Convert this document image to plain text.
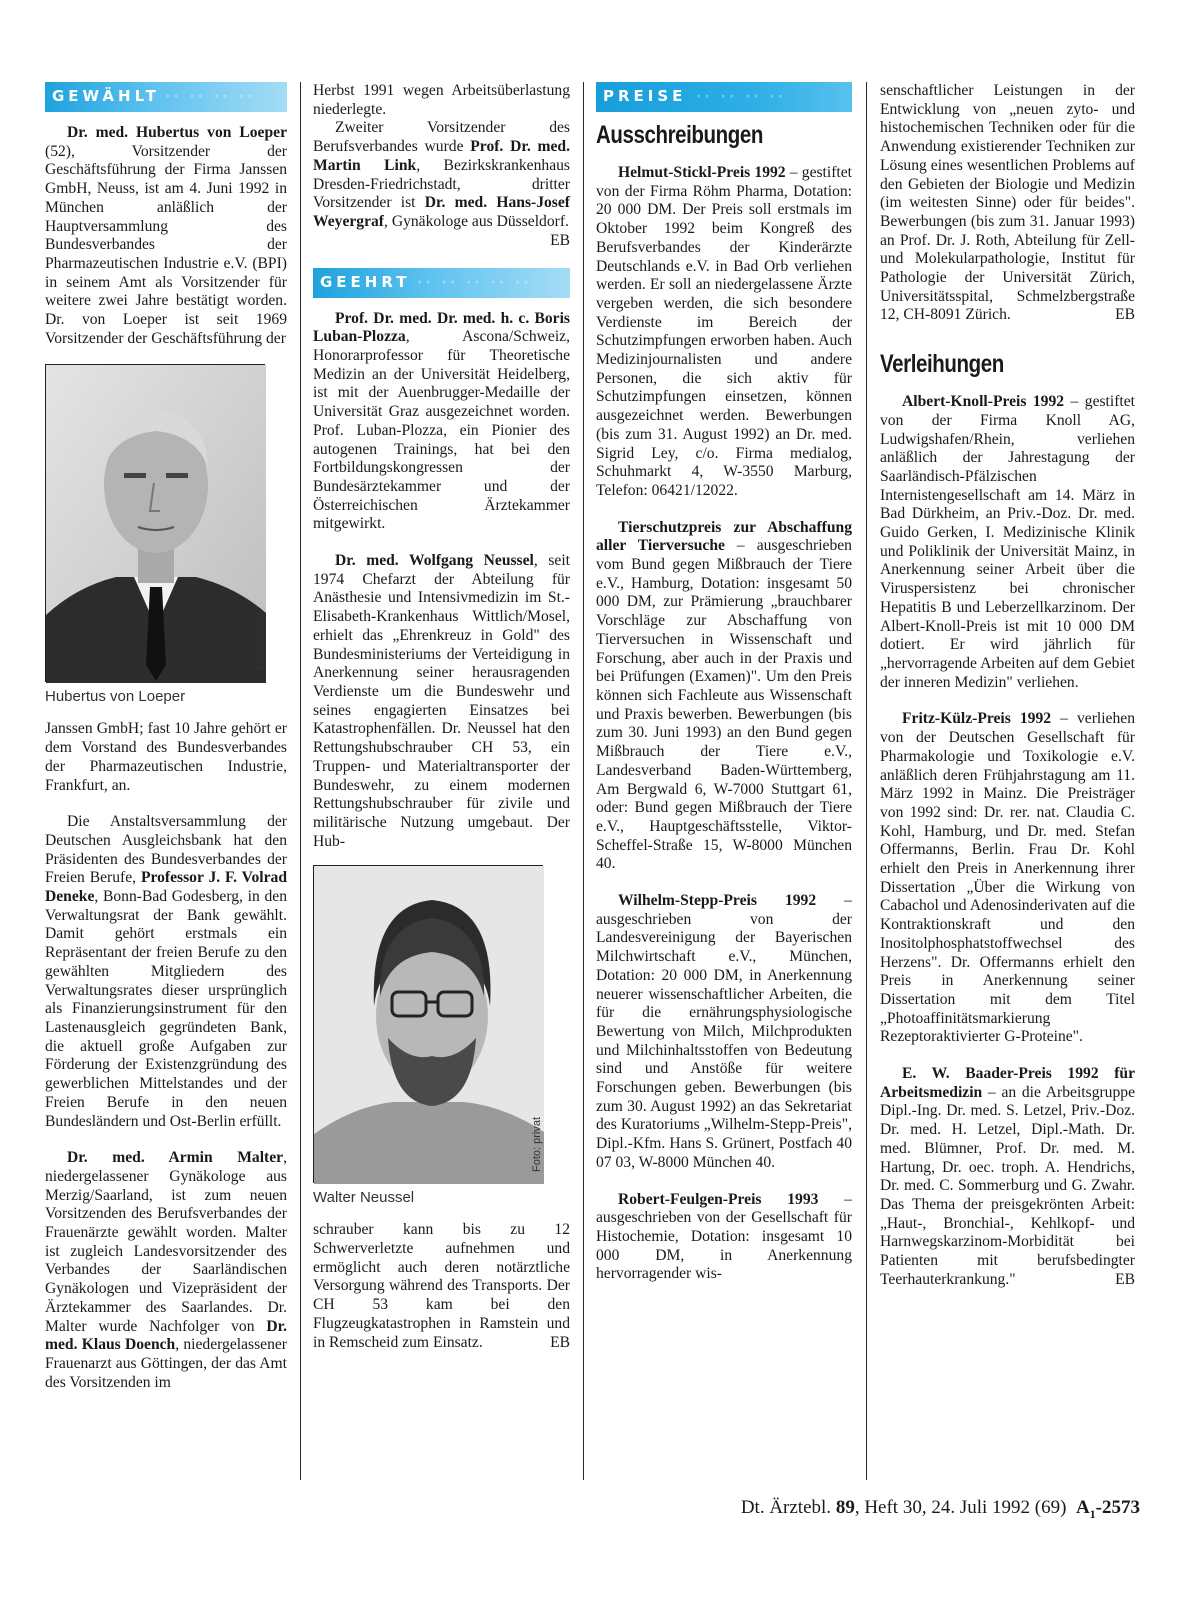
GEWÄHLT ·· ·· ·· ··

Dr. med. Hubertus von Loeper (52), Vorsitzender der Geschäftsführung der Firma Janssen GmbH, Neuss, ist am 4. Juni 1992 in München anläßlich der Hauptversammlung des Bundesverbandes der Pharmazeutischen Industrie e.V. (BPI) in seinem Amt als Vorsitzender für weitere zwei Jahre bestätigt worden. Dr. von Loeper ist seit 1969 Vorsitzender der Geschäftsführung der

Foto: Archiv
Hubertus von Loeper

Janssen GmbH; fast 10 Jahre gehört er dem Vorstand des Bundesverbandes der Pharmazeutischen Industrie, Frankfurt, an.

Die Anstaltsversammlung der Deutschen Ausgleichsbank hat den Präsidenten des Bundesverbandes der Freien Berufe, Professor J. F. Volrad Deneke, Bonn-Bad Godesberg, in den Verwaltungsrat der Bank gewählt. Damit gehört erstmals ein Repräsentant der freien Berufe zu den gewählten Mitgliedern des Verwaltungsrates dieser ursprünglich als Finanzierungsinstrument für den Lastenausgleich gegründeten Bank, die aktuell große Aufgaben zur Förderung der Existenzgründung des gewerblichen Mittelstandes und der Freien Berufe in den neuen Bundesländern und Ost-Berlin erfüllt.

Dr. med. Armin Malter, niedergelassener Gynäkologe aus Merzig/Saarland, ist zum neuen Vorsitzenden des Berufsverbandes der Frauenärzte gewählt worden. Malter ist zugleich Landesvorsitzender des Verbandes der Saarländischen Gynäkologen und Vizepräsident der Ärztekammer des Saarlandes. Dr. Malter wurde Nachfolger von Dr. med. Klaus Doench, niedergelassener Frauenarzt aus Göttingen, der das Amt des Vorsitzenden im

Herbst 1991 wegen Arbeitsüberlastung niederlegte.

Zweiter Vorsitzender des Berufsverbandes wurde Prof. Dr. med. Martin Link, Bezirkskrankenhaus Dresden-Friedrichstadt, dritter Vorsitzender ist Dr. med. Hans-Josef Weyergraf, Gynäkologe aus Düsseldorf.
EB

GEEHRT ·· ·· ·· ·· ··

Prof. Dr. med. Dr. med. h. c. Boris Luban-Plozza, Ascona/Schweiz, Honorarprofessor für Theoretische Medizin an der Universität Heidelberg, ist mit der Auenbrugger-Medaille der Universität Graz ausgezeichnet worden. Prof. Luban-Plozza, ein Pionier des autogenen Trainings, hat bei den Fortbildungskongressen der Bundesärztekammer und der Österreichischen Ärztekammer mitgewirkt.

Dr. med. Wolfgang Neussel, seit 1974 Chefarzt der Abteilung für Anästhesie und Intensivmedizin im St.-Elisabeth-Krankenhaus Wittlich/Mosel, erhielt das „Ehrenkreuz in Gold" des Bundesministeriums der Verteidigung in Anerkennung seiner herausragenden Verdienste um die Bundeswehr und seines engagierten Einsatzes bei Katastrophenfällen. Dr. Neussel hat den Rettungshubschrauber CH 53, ein Truppen- und Materialtransporter der Bundeswehr, zu einem modernen Rettungshubschrauber für zivile und militärische Nutzung umgebaut. Der Hub-

Foto: privat
Walter Neussel

schrauber kann bis zu 12 Schwerverletzte aufnehmen und ermöglicht auch deren notärztliche Versorgung während des Transports. Der CH 53 kam bei den Flugzeugkatastrophen in Ramstein und in Remscheid zum Einsatz.	EB

PREISE ·· ·· ·· ··
Ausschreibungen

Helmut-Stickl-Preis 1992 – gestiftet von der Firma Röhm Pharma, Dotation: 20 000 DM. Der Preis soll erstmals im Oktober 1992 beim Kongreß des Berufsverbandes der Kinderärzte Deutschlands e.V. in Bad Orb verliehen werden. Er soll an niedergelassene Ärzte vergeben werden, die sich besondere Verdienste im Bereich der Schutzimpfungen erworben haben. Auch Medizinjournalisten und andere Personen, die sich aktiv für Schutzimpfungen einsetzen, können ausgezeichnet werden. Bewerbungen (bis zum 31. August 1992) an Dr. med. Sigrid Ley, c/o. Firma medialog, Schuhmarkt 4, W-3550 Marburg, Telefon: 06421/12022.

Tierschutzpreis zur Abschaffung aller Tierversuche – ausgeschrieben vom Bund gegen Mißbrauch der Tiere e.V., Hamburg, Dotation: insgesamt 50 000 DM, zur Prämierung „brauchbarer Vorschläge zur Abschaffung von Tierversuchen in Wissenschaft und Forschung, aber auch in der Praxis und bei Prüfungen (Examen)". Um den Preis können sich Fachleute aus Wissenschaft und Praxis bewerben. Bewerbungen (bis zum 30. Juni 1993) an den Bund gegen Mißbrauch der Tiere e.V., Landesverband Baden-Württemberg, Am Bergwald 6, W-7000 Stuttgart 61, oder: Bund gegen Mißbrauch der Tiere e.V., Hauptgeschäftsstelle, Viktor-Scheffel-Straße 15, W-8000 München 40.

Wilhelm-Stepp-Preis 1992 – ausgeschrieben von der Landesvereinigung der Bayerischen Milchwirtschaft e.V., München, Dotation: 20 000 DM, in Anerkennung neuerer wissenschaftlicher Arbeiten, die für die ernährungsphysiologische Bewertung von Milch, Milchprodukten und Milchinhaltsstoffen von Bedeutung sind und Anstöße für weitere Forschungen geben. Bewerbungen (bis zum 30. August 1992) an das Sekretariat des Kuratoriums „Wilhelm-Stepp-Preis", Dipl.-Kfm. Hans S. Grünert, Postfach 40 07 03, W-8000 München 40.

Robert-Feulgen-Preis 1993 – ausgeschrieben von der Gesellschaft für Histochemie, Dotation: insgesamt 10 000 DM, in Anerkennung hervorragender wis-

senschaftlicher Leistungen in der Entwicklung von „neuen zyto- und histochemischen Techniken oder für die Anwendung existierender Techniken zur Lösung eines wesentlichen Problems auf den Gebieten der Biologie und Medizin (im weitesten Sinne) oder für beides". Bewerbungen (bis zum 31. Januar 1993) an Prof. Dr. J. Roth, Abteilung für Zell- und Molekularpathologie, Institut für Pathologie der Universität Zürich, Universitätsspital, Schmelzbergstraße 12, CH-8091 Zürich.	EB

Verleihungen

Albert-Knoll-Preis 1992 – gestiftet von der Firma Knoll AG, Ludwigshafen/Rhein, verliehen anläßlich der Jahrestagung der Saarländisch-Pfälzischen Internistengesellschaft am 14. März in Bad Dürkheim, an Priv.-Doz. Dr. med. Guido Gerken, I. Medizinische Klinik und Poliklinik der Universität Mainz, in Anerkennung seiner Arbeit über die Viruspersistenz bei chronischer Hepatitis B und Leberzellkarzinom. Der Albert-Knoll-Preis ist mit 10 000 DM dotiert. Er wird jährlich für „hervorragende Arbeiten auf dem Gebiet der inneren Medizin" verliehen.

Fritz-Külz-Preis 1992 – verliehen von der Deutschen Gesellschaft für Pharmakologie und Toxikologie e.V. anläßlich deren Frühjahrstagung am 11. März 1992 in Mainz. Die Preisträger von 1992 sind: Dr. rer. nat. Claudia C. Kohl, Hamburg, und Dr. med. Stefan Offermanns, Berlin. Frau Dr. Kohl erhielt den Preis in Anerkennung ihrer Dissertation „Über die Wirkung von Cabachol und Adenosinderivaten auf die Kontraktionskraft und den Inositolphosphatstoffwechsel des Herzens". Dr. Offermanns erhielt den Preis in Anerkennung seiner Dissertation mit dem Titel „Photoaffinitätsmarkierung Rezeptoraktivierter G-Proteine".

E. W. Baader-Preis 1992 für Arbeitsmedizin – an die Arbeitsgruppe Dipl.-Ing. Dr. med. S. Letzel, Priv.-Doz. Dr. med. H. Letzel, Dipl.-Math. Dr. med. Blümner, Prof. Dr. med. M. Hartung, Dr. oec. troph. A. Hendrichs, Dr. med. C. Sommerburg und G. Zwahr. Das Thema der preisgekrönten Arbeit: „Haut-, Bronchial-, Kehlkopf- und Harnwegskarzinom-Morbidität bei Patienten mit berufsbedingter Teerhauterkrankung."	EB

Dt. Ärztebl. 89, Heft 30, 24. Juli 1992 (69) $A_1-2573$
